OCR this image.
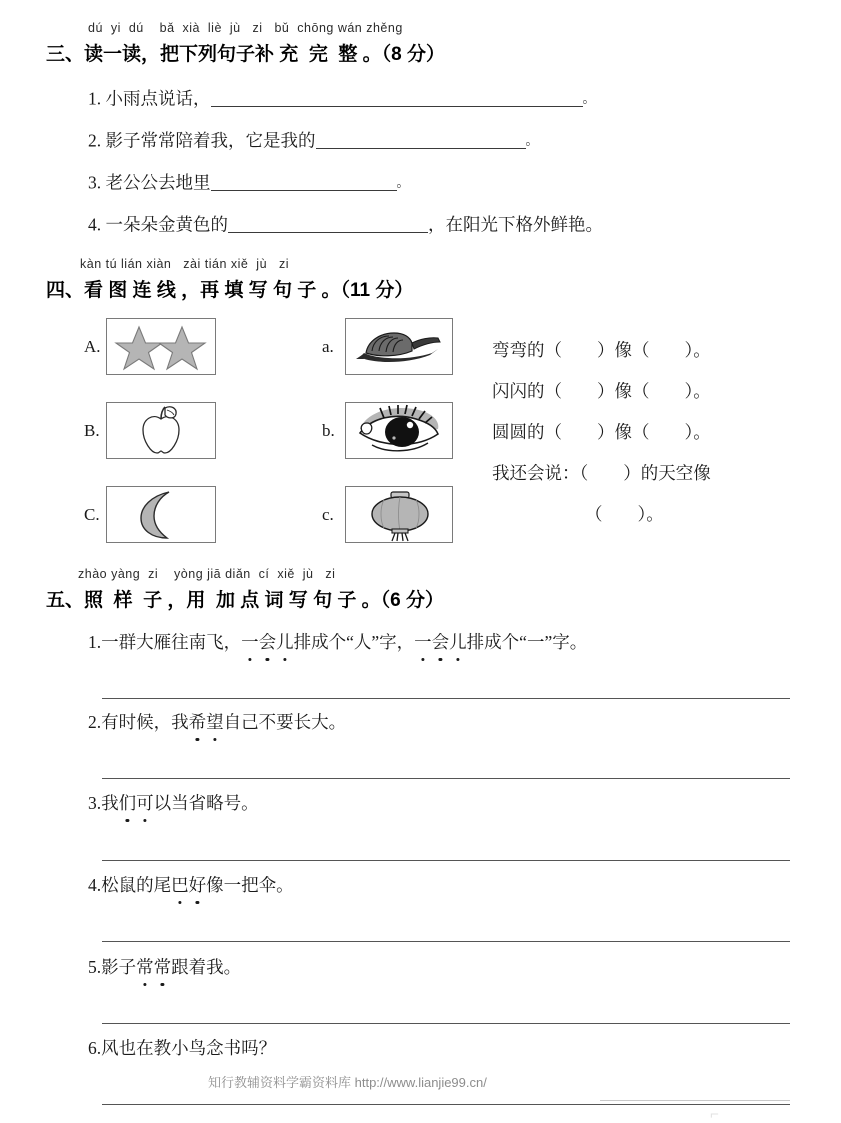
dú  yi  dú    bǎ  xià  liè  jù   zi   bǔ  chōng wán zhěng
三、读一读，把下列句子补 充  完  整 。（8 分）
1. 小雨点说话，	。
2. 影子常常陪着我，它是我的	。
3. 老公公去地里	。
4. 一朵朵金黄色的	，在阳光下格外鲜艳。
kàn tú lián xiàn   zài tián xiě  jù   zi
四、看 图 连 线 ，再 填 写 句 子 。（11 分）
A.
B.
C.
a.
b.
c.
弯弯的（        ）像（        ）。
闪闪的（        ）像（        ）。
圆圆的（        ）像（        ）。
我还会说：（        ）的天空像
（        ）。
zhào yàng  zi    yòng jiā diǎn  cí  xiě  jù   zi
五、照  样  子 ，用  加 点 词 写 句 子 。（6 分）
1.一群大雁往南飞，一会儿排成个“人”字，一会儿排成个“一”字。
2.有时候，我希望自己不要长大。
3.我们可以当省略号。
4.松鼠的尾巴好像一把伞。
5.影子常常跟着我。
6.风也在教小鸟念书吗？
知行教辅资料学霸资料库 http://www.lianjie99.cn/
⌐
